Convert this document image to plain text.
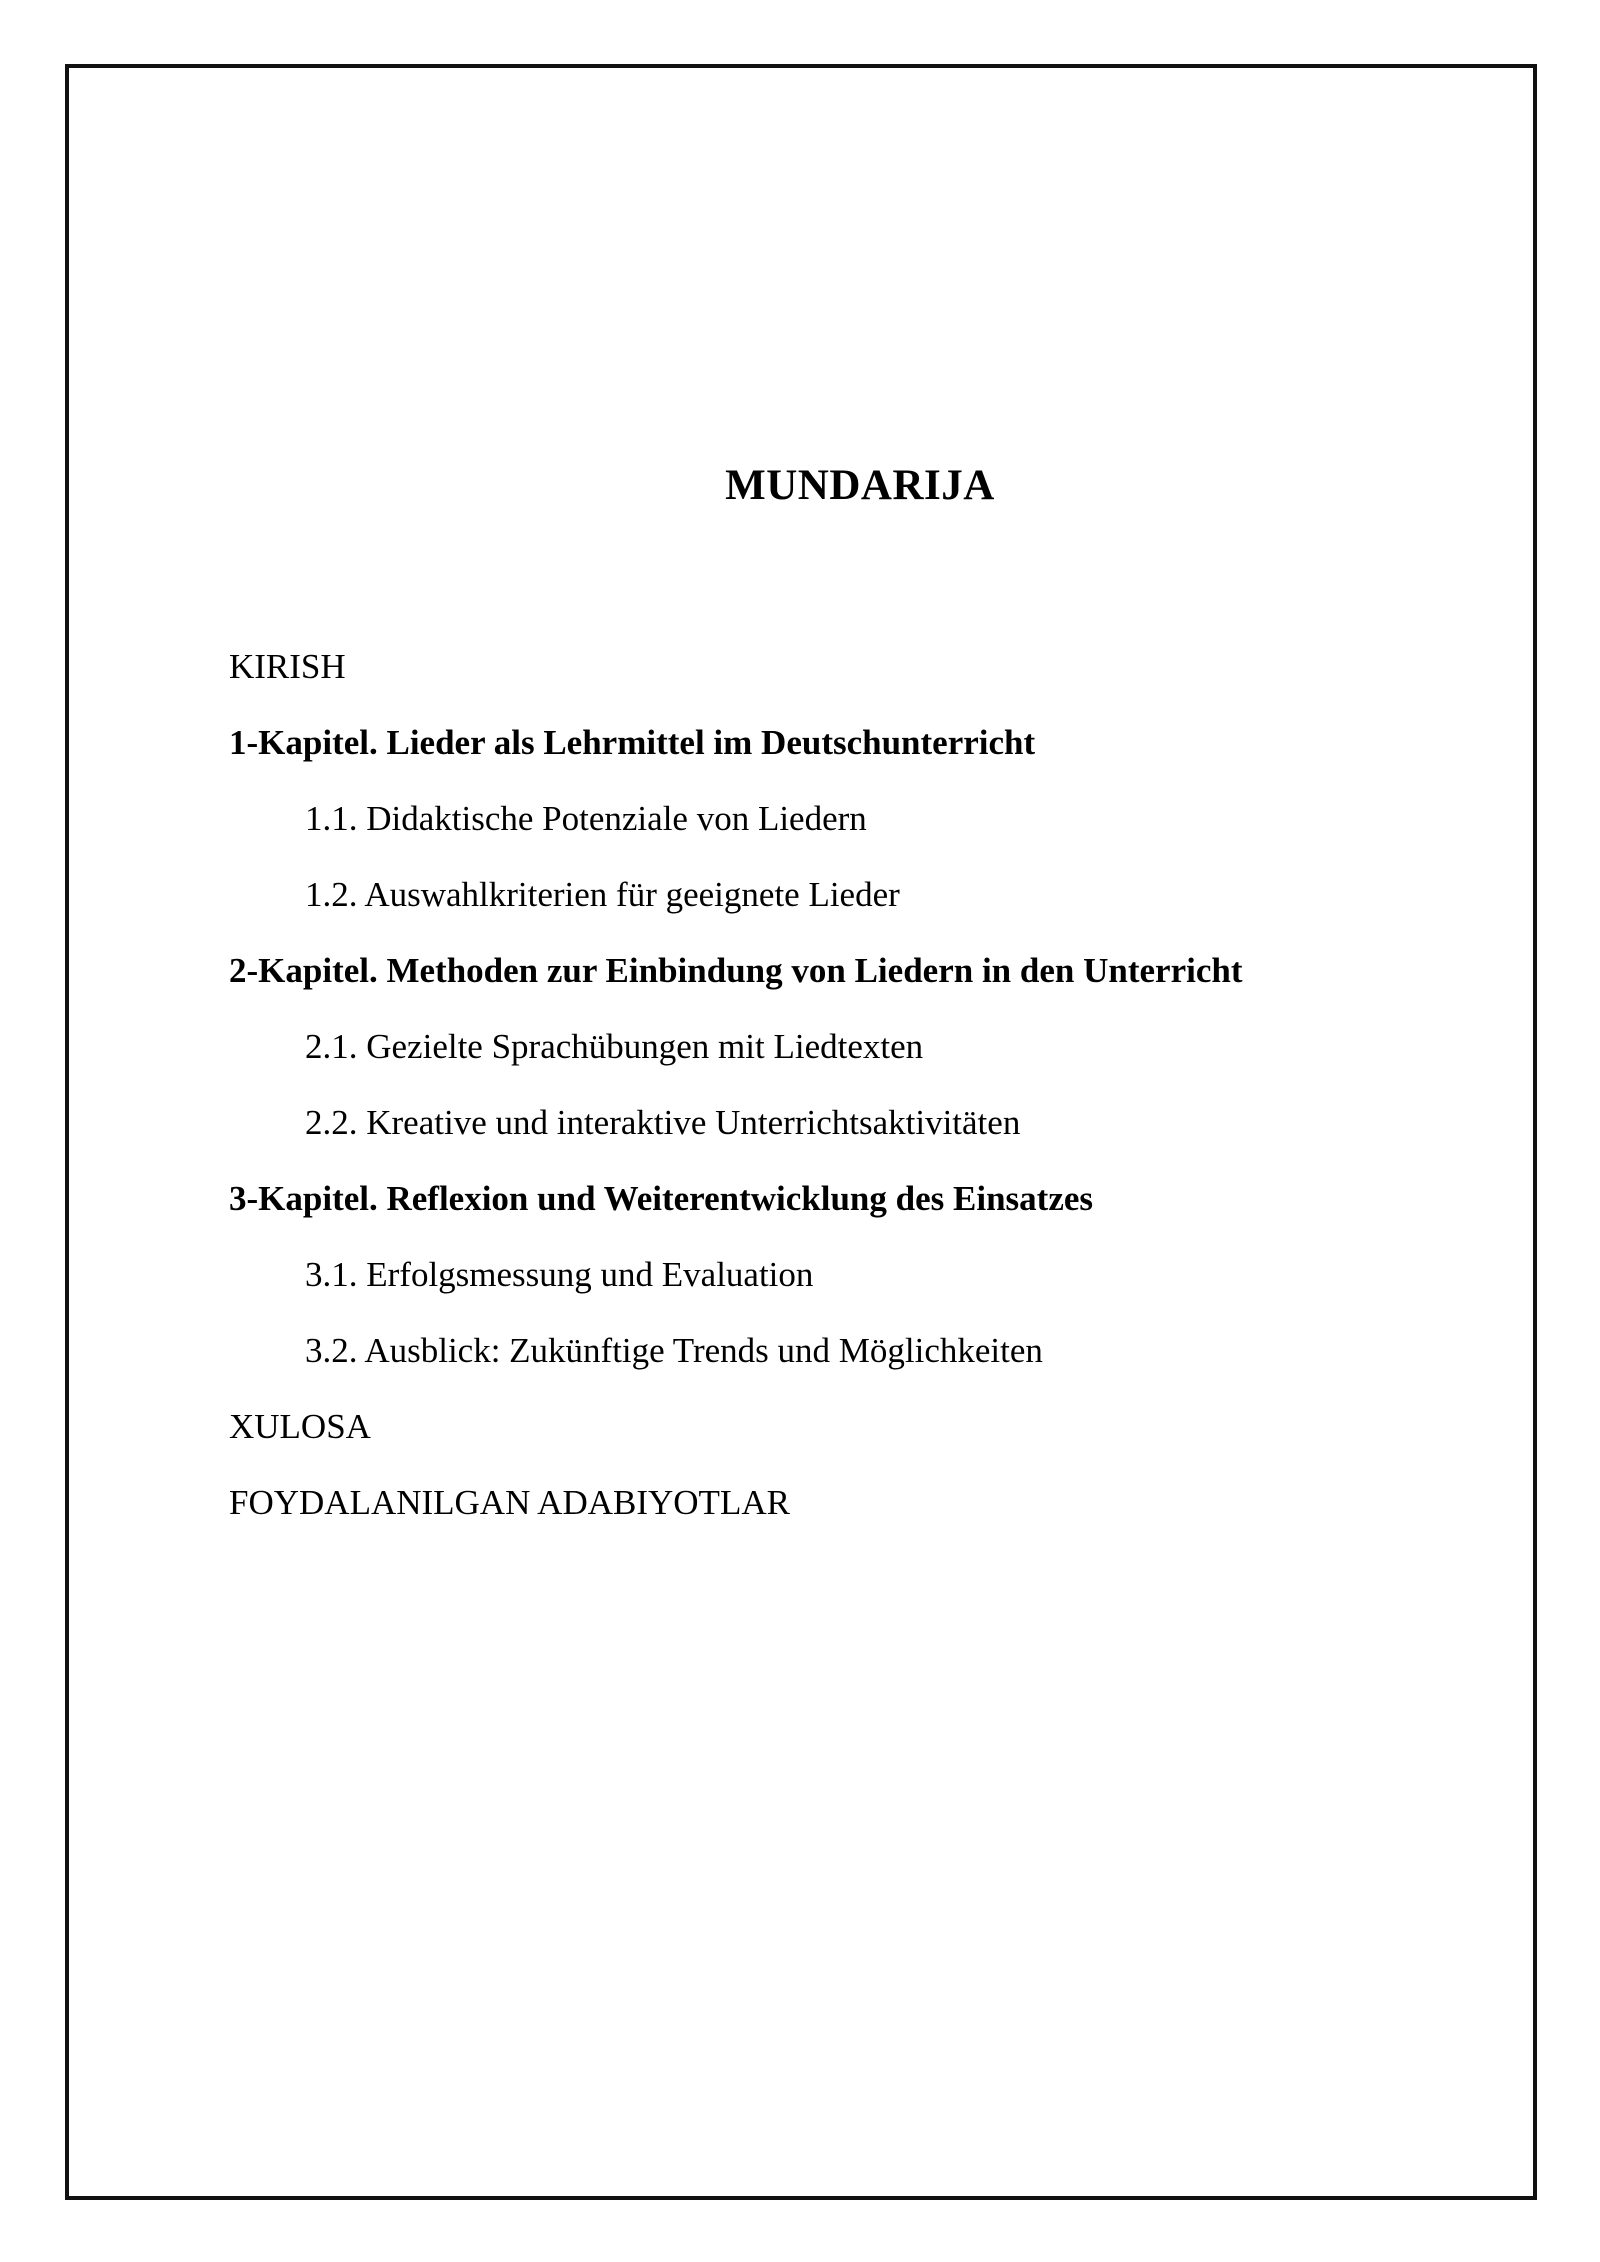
MUNDARIJA
KIRISH
1-Kapitel. Lieder als Lehrmittel im Deutschunterricht
1.1. Didaktische Potenziale von Liedern
1.2. Auswahlkriterien für geeignete Lieder
2-Kapitel. Methoden zur Einbindung von Liedern in den Unterricht
2.1. Gezielte Sprachübungen mit Liedtexten
2.2. Kreative und interaktive Unterrichtsaktivitäten
3-Kapitel. Reflexion und Weiterentwicklung des Einsatzes
3.1. Erfolgsmessung und Evaluation
3.2. Ausblick: Zukünftige Trends und Möglichkeiten
XULOSA
FOYDALANILGAN ADABIYOTLAR
